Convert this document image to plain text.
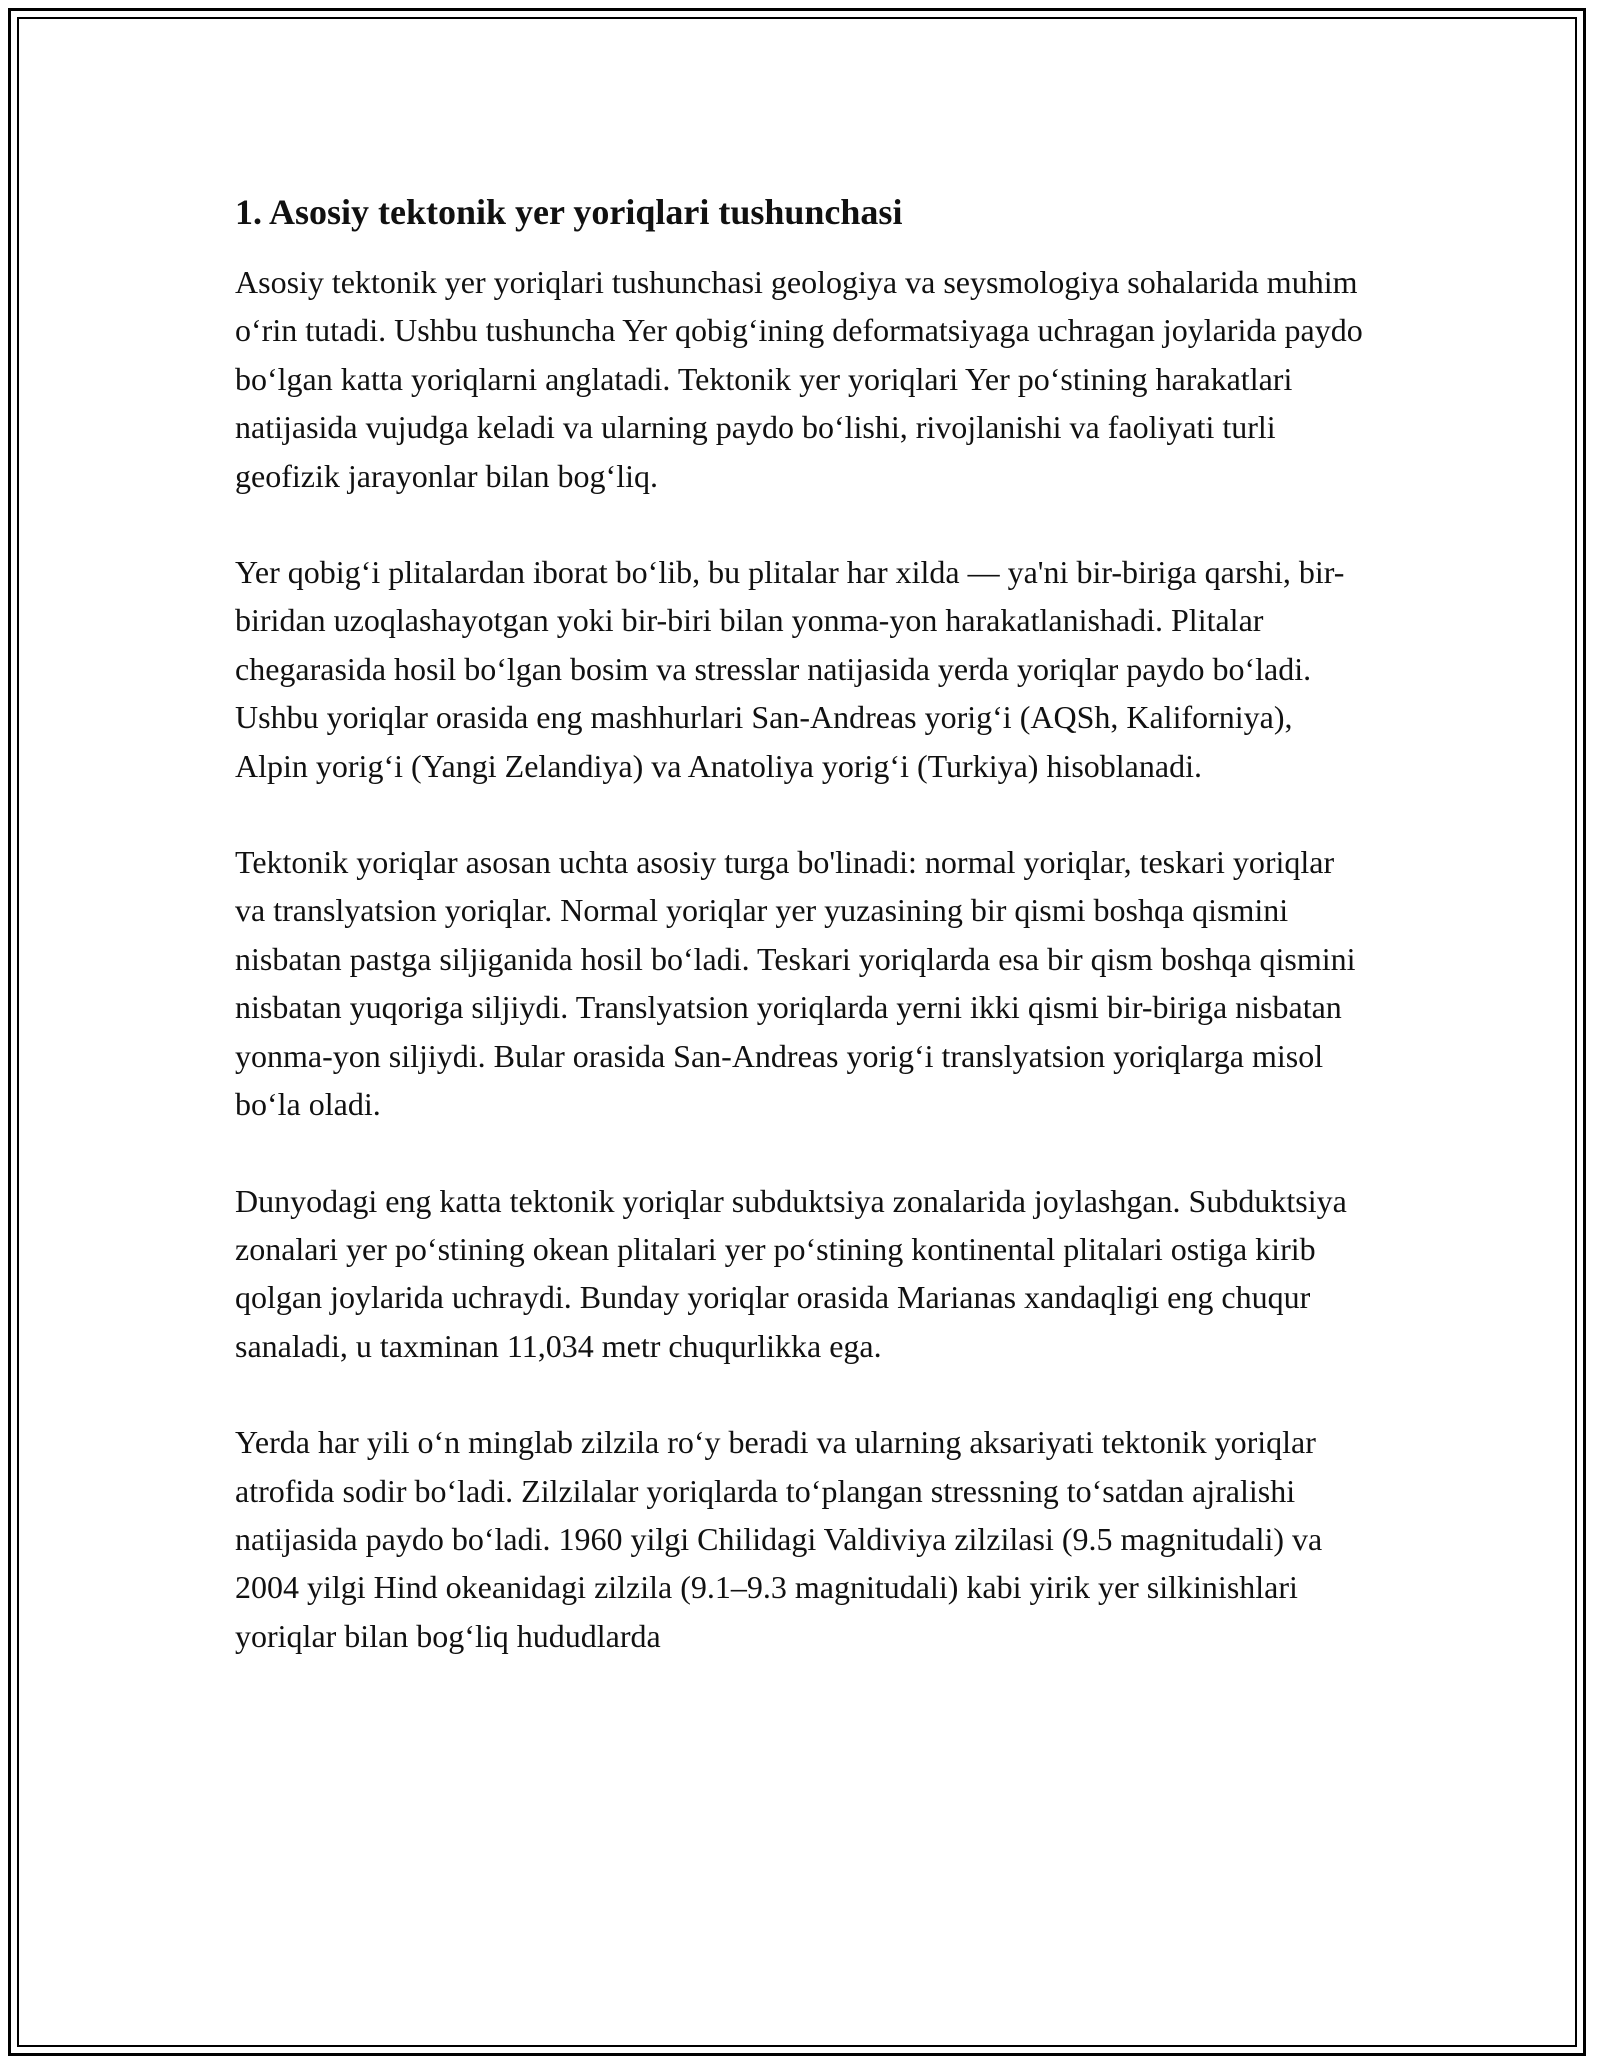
1. Asosiy tektonik yer yoriqlari tushunchasi

Asosiy tektonik yer yoriqlari tushunchasi geologiya va seysmologiya sohalarida muhim o‘rin tutadi. Ushbu tushuncha Yer qobig‘ining deformatsiyaga uchragan joylarida paydo bo‘lgan katta yoriqlarni anglatadi. Tektonik yer yoriqlari Yer po‘stining harakatlari natijasida vujudga keladi va ularning paydo bo‘lishi, rivojlanishi va faoliyati turli geofizik jarayonlar bilan bog‘liq.

Yer qobig‘i plitalardan iborat bo‘lib, bu plitalar har xilda — ya'ni bir-biriga qarshi, bir-biridan uzoqlashayotgan yoki bir-biri bilan yonma-yon harakatlanishadi. Plitalar chegarasida hosil bo‘lgan bosim va stresslar natijasida yerda yoriqlar paydo bo‘ladi. Ushbu yoriqlar orasida eng mashhurlari San-Andreas yorig‘i (AQSh, Kaliforniya), Alpin yorig‘i (Yangi Zelandiya) va Anatoliya yorig‘i (Turkiya) hisoblanadi.

Tektonik yoriqlar asosan uchta asosiy turga bo'linadi: normal yoriqlar, teskari yoriqlar va translyatsion yoriqlar. Normal yoriqlar yer yuzasining bir qismi boshqa qismini nisbatan pastga siljiganida hosil bo‘ladi. Teskari yoriqlarda esa bir qism boshqa qismini nisbatan yuqoriga siljiydi. Translyatsion yoriqlarda yerni ikki qismi bir-biriga nisbatan yonma-yon siljiydi. Bular orasida San-Andreas yorig‘i translyatsion yoriqlarga misol bo‘la oladi.

Dunyodagi eng katta tektonik yoriqlar subduktsiya zonalarida joylashgan. Subduktsiya zonalari yer po‘stining okean plitalari yer po‘stining kontinental plitalari ostiga kirib qolgan joylarida uchraydi. Bunday yoriqlar orasida Marianas xandaqligi eng chuqur sanaladi, u taxminan 11,034 metr chuqurlikka ega.

Yerda har yili o‘n minglab zilzila ro‘y beradi va ularning aksariyati tektonik yoriqlar atrofida sodir bo‘ladi. Zilzilalar yoriqlarda to‘plangan stressning to‘satdan ajralishi natijasida paydo bo‘ladi. 1960 yilgi Chilidagi Valdiviya zilzilasi (9.5 magnitudali) va 2004 yilgi Hind okeanidagi zilzila (9.1–9.3 magnitudali) kabi yirik yer silkinishlari yoriqlar bilan bog‘liq hududlarda
